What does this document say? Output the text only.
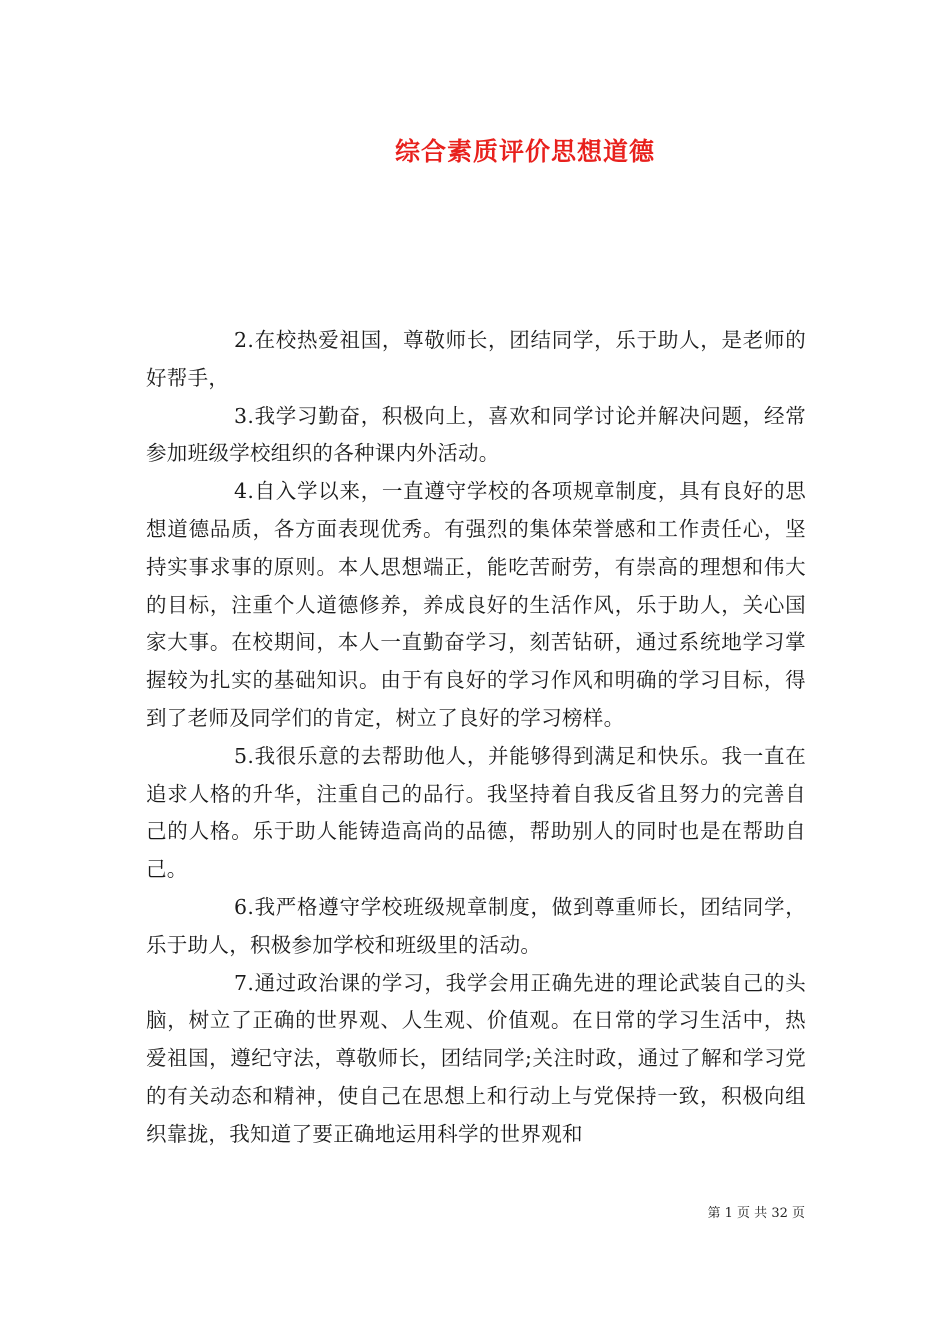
综合素质评价思想道德

2.在校热爱祖国，尊敬师长，团结同学，乐于助人，是老师的好帮手，

3.我学习勤奋，积极向上，喜欢和同学讨论并解决问题，经常参加班级学校组织的各种课内外活动。

4.自入学以来，一直遵守学校的各项规章制度，具有良好的思想道德品质，各方面表现优秀。有强烈的集体荣誉感和工作责任心，坚持实事求事的原则。本人思想端正，能吃苦耐劳，有崇高的理想和伟大的目标，注重个人道德修养，养成良好的生活作风，乐于助人，关心国家大事。在校期间，本人一直勤奋学习，刻苦钻研，通过系统地学习掌握较为扎实的基础知识。由于有良好的学习作风和明确的学习目标，得到了老师及同学们的肯定，树立了良好的学习榜样。

5.我很乐意的去帮助他人，并能够得到满足和快乐。我一直在追求人格的升华，注重自己的品行。我坚持着自我反省且努力的完善自己的人格。乐于助人能铸造高尚的品德，帮助别人的同时也是在帮助自己。

6.我严格遵守学校班级规章制度，做到尊重师长，团结同学，乐于助人，积极参加学校和班级里的活动。

7.通过政治课的学习，我学会用正确先进的理论武装自己的头脑，树立了正确的世界观、人生观、价值观。在日常的学习生活中，热爱祖国，遵纪守法，尊敬师长，团结同学;关注时政，通过了解和学习党的有关动态和精神，使自己在思想上和行动上与党保持一致，积极向组织靠拢，我知道了要正确地运用科学的世界观和

第 1 页 共 32 页
